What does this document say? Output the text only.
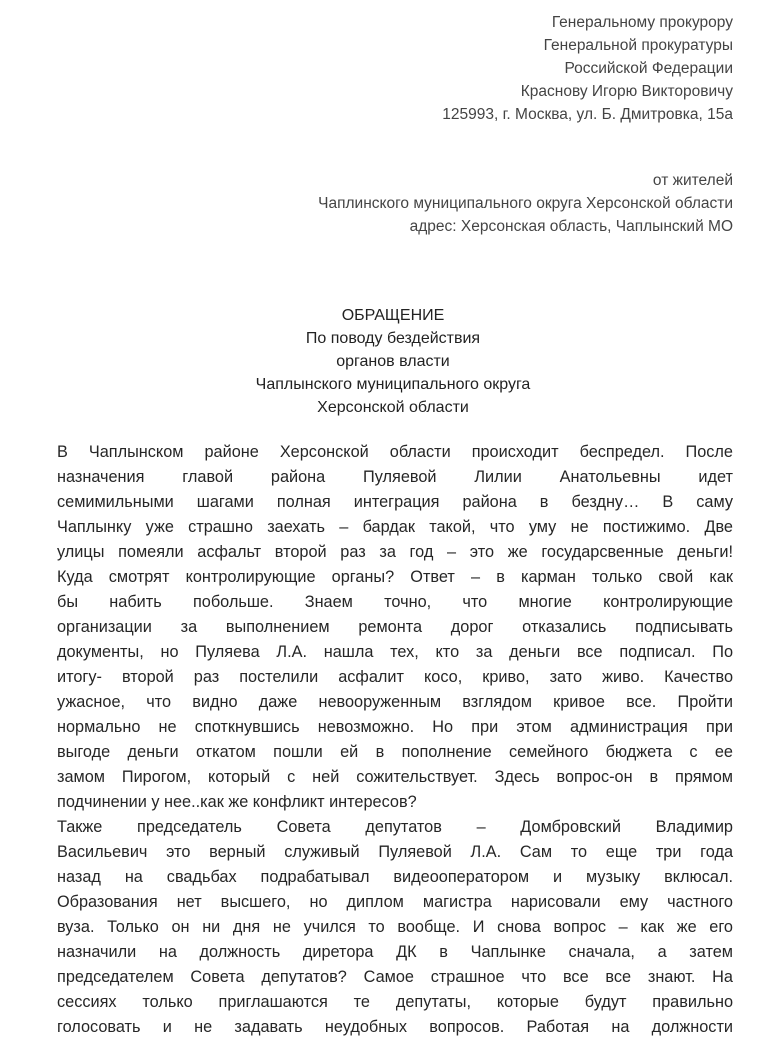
Генеральному прокурору
Генеральной прокуратуры
Российской Федерации
Краснову Игорю Викторовичу
125993, г. Москва, ул. Б. Дмитровка, 15а
от жителей
Чаплинского муниципального округа Херсонской области
адрес: Херсонская область, Чаплынский МО
ОБРАЩЕНИЕ
По поводу бездействия
органов власти
Чаплынского муниципального округа
Херсонской области
В Чаплынском районе Херсонской области происходит беспредел. После
назначения главой района Пуляевой Лилии Анатольевны идет
семимильными шагами полная интеграция района в бездну… В саму
Чаплынку уже страшно заехать – бардак такой, что уму не постижимо. Две
улицы помеяли асфальт второй раз за год – это же государсвенные деньги!
Куда смотрят контролирующие органы? Ответ – в карман только свой как
бы набить побольше. Знаем точно, что многие контролирующие
организации за выполнением ремонта дорог отказались подписывать
документы, но Пуляева Л.А. нашла тех, кто за деньги все подписал. По
итогу- второй раз постелили асфалит косо, криво, зато живо. Качество
ужасное, что видно даже невооруженным взглядом кривое все. Пройти
нормально не споткнувшись невозможно. Но при этом администрация при
выгоде деньги откатом пошли ей в пополнение семейного бюджета с ее
замом Пирогом, который с ней сожительствует. Здесь вопрос-он в прямом
подчинении у нее..как же конфликт интересов?
Также председатель Совета депутатов – Домбровский Владимир
Васильевич это верный служивый Пуляевой Л.А. Сам то еще три года
назад на свадьбах подрабатывал видеооператором и музыку вклюсал.
Образования нет высшего, но диплом магистра нарисовали ему частного
вуза. Только он ни дня не учился то вообще. И снова вопрос – как же его
назначили на должность диретора ДК в Чаплынке сначала, а затем
председателем Совета депутатов? Самое страшное что все все знают. На
сессиях только приглашаются те депутаты, которые будут правильно
голосовать и не задавать неудобных вопросов. Работая на должности
